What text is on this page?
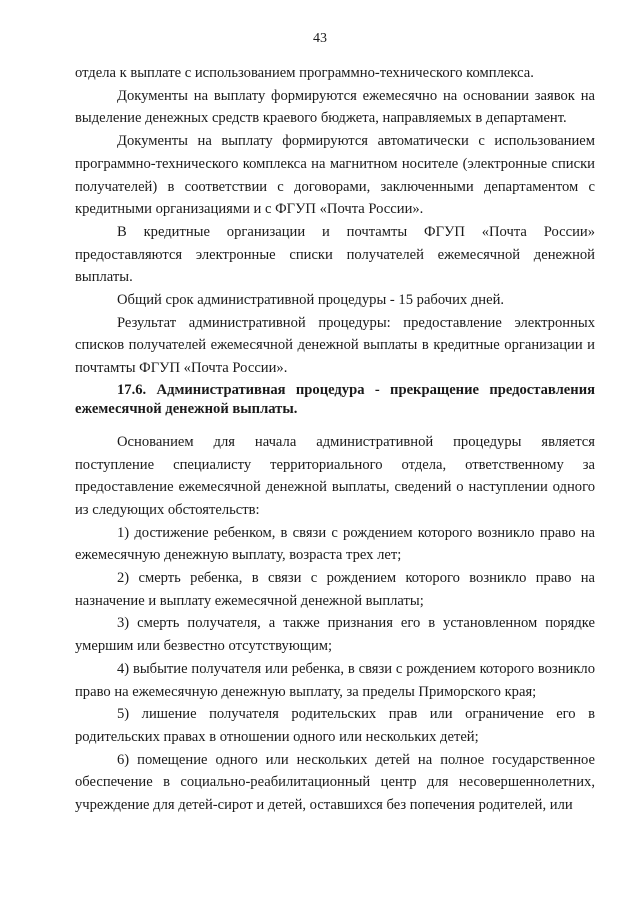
43

отдела к выплате с использованием программно-технического комплекса.

Документы на выплату формируются ежемесячно на основании заявок на выделение денежных средств краевого бюджета, направляемых в департамент.

Документы на выплату формируются автоматически с использованием программно-технического комплекса на магнитном носителе (электронные списки получателей) в соответствии с договорами, заключенными департаментом с кредитными организациями и с ФГУП «Почта России».

В кредитные организации и почтамты ФГУП «Почта России» предоставляются электронные списки получателей ежемесячной денежной выплаты.

Общий срок административной процедуры - 15 рабочих дней.

Результат административной процедуры: предоставление электронных списков получателей ежемесячной денежной выплаты в кредитные организации и почтамты ФГУП «Почта России».

17.6. Административная процедура - прекращение предоставления ежемесячной денежной выплаты.

Основанием для начала административной процедуры является поступление специалисту территориального отдела, ответственному за предоставление ежемесячной денежной выплаты, сведений о наступлении одного из следующих обстоятельств:

1) достижение ребенком, в связи с рождением которого возникло право на ежемесячную денежную выплату, возраста трех лет;

2) смерть ребенка, в связи с рождением которого возникло право на назначение и выплату ежемесячной денежной выплаты;

3) смерть получателя, а также признания его в установленном порядке умершим или безвестно отсутствующим;

4) выбытие получателя или ребенка, в связи с рождением которого возникло право на ежемесячную денежную выплату, за пределы Приморского края;

5) лишение получателя родительских прав или ограничение его в родительских правах в отношении одного или нескольких детей;

6) помещение одного или нескольких детей на полное государственное обеспечение в социально-реабилитационный центр для несовершеннолетних, учреждение для детей-сирот и детей, оставшихся без попечения родителей, или
